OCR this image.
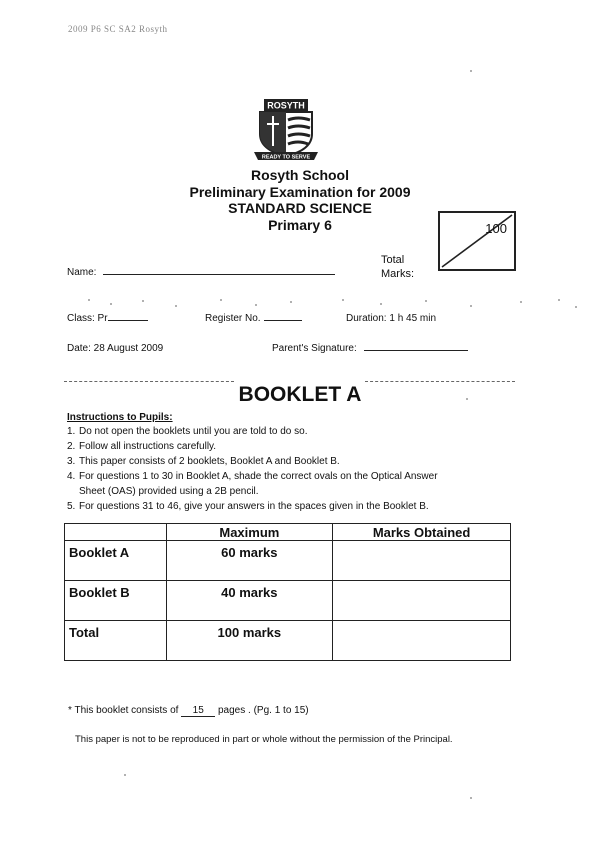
2009 P6 SC SA2 Rosyth
ROSYTH
READY TO SERVE
Rosyth School
Preliminary Examination for 2009
STANDARD SCIENCE
Primary 6	100
Total
Marks:
Name:
Class: Pr	Register No.	Duration: 1 h 45 min
Date: 28 August 2009	Parent's Signature:
BOOKLET A
Instructions to Pupils:
1. Do not open the booklets until you are told to do so.
2. Follow all instructions carefully.
3. This paper consists of 2 booklets, Booklet A and Booklet B.
4. For questions 1 to 30 in Booklet A, shade the correct ovals on the Optical Answer
Sheet (OAS) provided using a 2B pencil.
5. For questions 31 to 46, give your answers in the spaces given in the Booklet B.
	Maximum	Marks Obtained
Booklet A	60 marks	
Booklet B	40 marks	
Total	100 marks	
* This booklet consists of 15 pages . (Pg. 1 to 15)
This paper is not to be reproduced in part or whole without the permission of the Principal.
